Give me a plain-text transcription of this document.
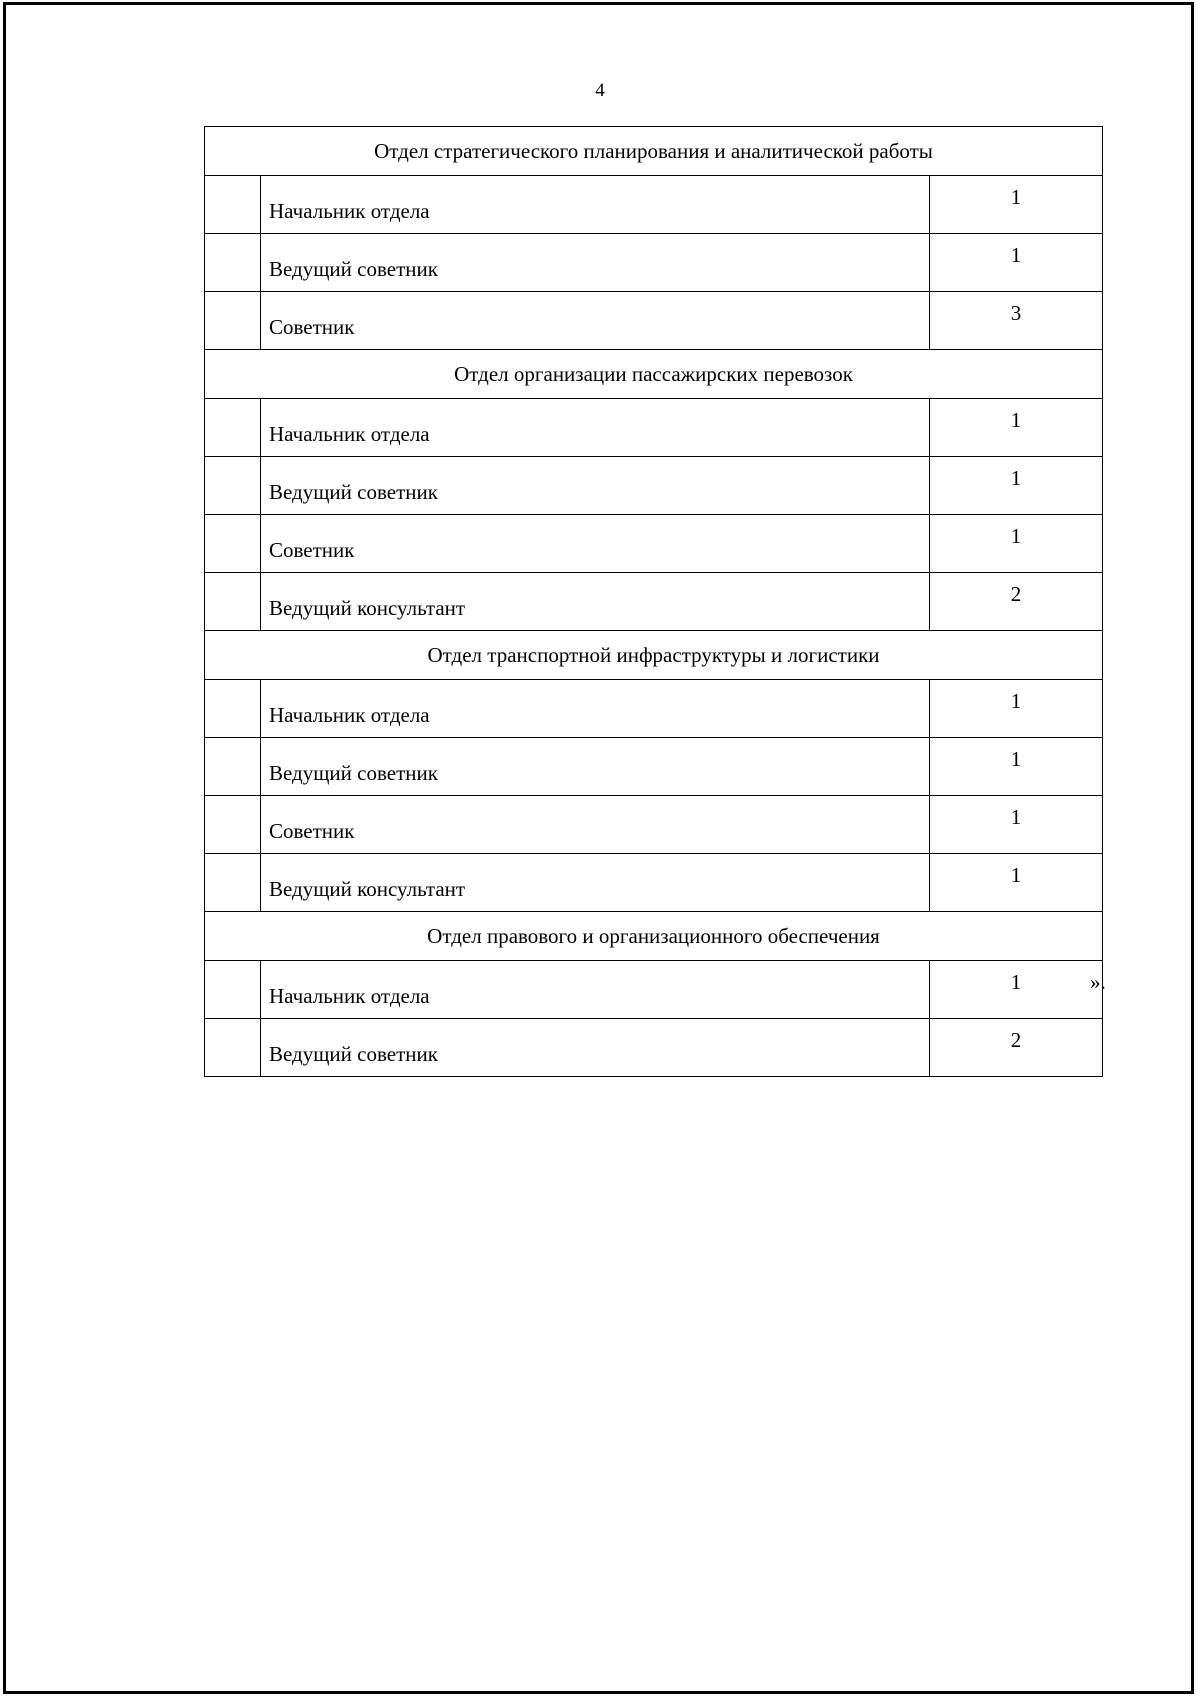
4
Отдел стратегического планирования и аналитической работы		
	Начальник отдела	1
	Ведущий советник	1
	Советник	3
Отдел организации пассажирских перевозок		
	Начальник отдела	1
	Ведущий советник	1
	Советник	1
	Ведущий консультант	2
Отдел транспортной инфраструктуры и логистики		
	Начальник отдела	1
	Ведущий советник	1
	Советник	1
	Ведущий консультант	1
Отдел правового и организационного обеспечения		
	Начальник отдела	1
	Ведущий советник	2
».
